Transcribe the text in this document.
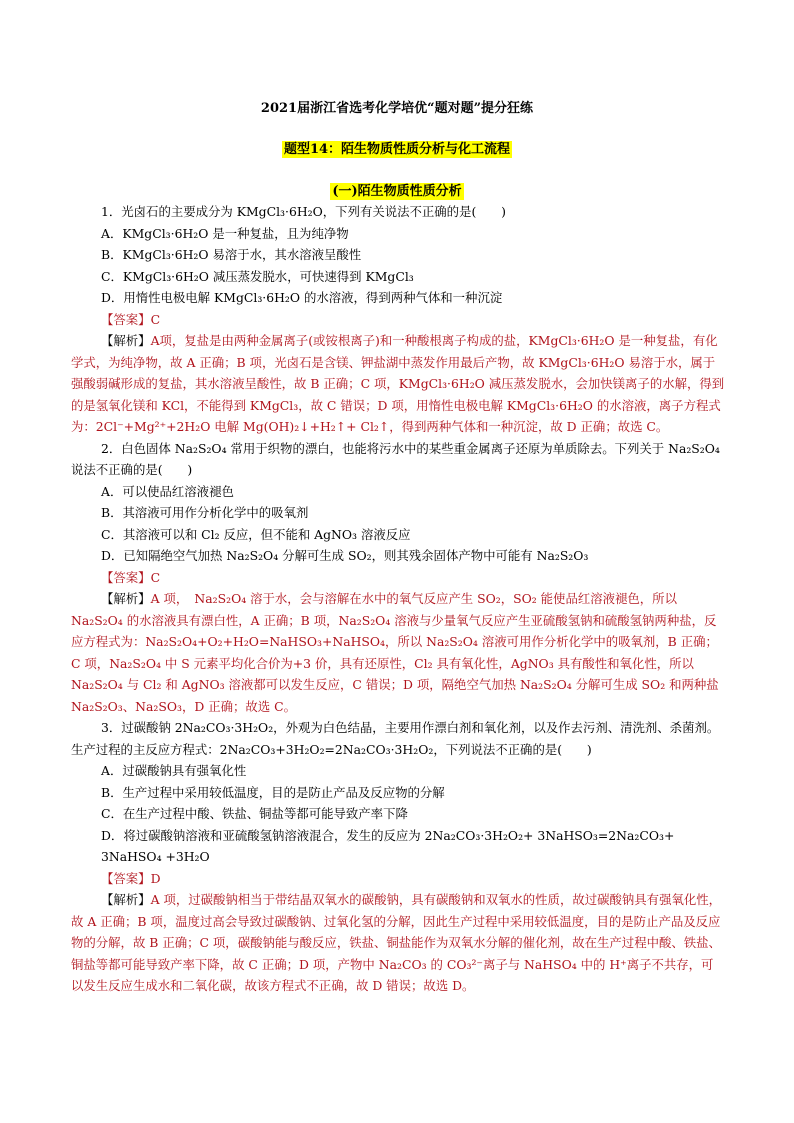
2021届浙江省选考化学培优“题对题”提分狂练
题型14：陌生物质性质分析与化工流程
(一)陌生物质性质分析

1．光卤石的主要成分为 KMgCl₃·6H₂O，下列有关说法不正确的是(　　)

A．KMgCl₃·6H₂O 是一种复盐，且为纯净物

B．KMgCl₃·6H₂O 易溶于水，其水溶液呈酸性

C．KMgCl₃·6H₂O 减压蒸发脱水，可快速得到 KMgCl₃

D．用惰性电极电解 KMgCl₃·6H₂O 的水溶液，得到两种气体和一种沉淀

【答案】C

【解析】A项，复盐是由两种金属离子(或铵根离子)和一种酸根离子构成的盐，KMgCl₃·6H₂O 是一种复盐，有化学式，为纯净物，故 A 正确；B 项，光卤石是含镁、钾盐湖中蒸发作用最后产物，故 KMgCl₃·6H₂O 易溶于水，属于强酸弱碱形成的复盐，其水溶液呈酸性，故 B 正确；C 项，KMgCl₃·6H₂O 减压蒸发脱水，会加快镁离子的水解，得到的是氢氧化镁和 KCl，不能得到 KMgCl₃，故 C 错误；D 项，用惰性电极电解 KMgCl₃·6H₂O 的水溶液，离子方程式为：2Cl⁻+Mg²⁺+2H₂O 电解 Mg(OH)₂↓+H₂↑+ Cl₂↑，得到两种气体和一种沉淀，故 D 正确；故选 C。

2．白色固体 Na₂S₂O₄ 常用于织物的漂白，也能将污水中的某些重金属离子还原为单质除去。下列关于 Na₂S₂O₄ 说法不正确的是(　　)

A．可以使品红溶液褪色

B．其溶液可用作分析化学中的吸氧剂

C．其溶液可以和 Cl₂ 反应，但不能和 AgNO₃ 溶液反应

D．已知隔绝空气加热 Na₂S₂O₄ 分解可生成 SO₂，则其残余固体产物中可能有 Na₂S₂O₃

【答案】C

【解析】A 项，　Na₂S₂O₄ 溶于水，会与溶解在水中的氧气反应产生 SO₂，SO₂ 能使品红溶液褪色，所以 Na₂S₂O₄ 的水溶液具有漂白性，A 正确；B 项，Na₂S₂O₄ 溶液与少量氧气反应产生亚硫酸氢钠和硫酸氢钠两种盐，反应方程式为：Na₂S₂O₄+O₂+H₂O=NaHSO₃+NaHSO₄，所以 Na₂S₂O₄ 溶液可用作分析化学中的吸氧剂，B 正确；C 项，Na₂S₂O₄ 中 S 元素平均化合价为+3 价，具有还原性，Cl₂ 具有氧化性，AgNO₃ 具有酸性和氧化性，所以 Na₂S₂O₄ 与 Cl₂ 和 AgNO₃ 溶液都可以发生反应，C 错误；D 项，隔绝空气加热 Na₂S₂O₄ 分解可生成 SO₂ 和两种盐 Na₂S₂O₃、Na₂SO₃，D 正确；故选 C。

3．过碳酸钠 2Na₂CO₃·3H₂O₂，外观为白色结晶，主要用作漂白剂和氧化剂，以及作去污剂、清洗剂、杀菌剂。生产过程的主反应方程式：2Na₂CO₃+3H₂O₂=2Na₂CO₃·3H₂O₂，下列说法不正确的是(　　)

A．过碳酸钠具有强氧化性

B．生产过程中采用较低温度，目的是防止产品及反应物的分解

C．在生产过程中酸、铁盐、铜盐等都可能导致产率下降

D．将过碳酸钠溶液和亚硫酸氢钠溶液混合，发生的反应为 2Na₂CO₃·3H₂O₂+ 3NaHSO₃=2Na₂CO₃+ 3NaHSO₄ +3H₂O

【答案】D

【解析】A 项，过碳酸钠相当于带结晶双氧水的碳酸钠，具有碳酸钠和双氧水的性质，故过碳酸钠具有强氧化性，故 A 正确；B 项，温度过高会导致过碳酸钠、过氧化氢的分解，因此生产过程中采用较低温度，目的是防止产品及反应物的分解，故 B 正确；C 项，碳酸钠能与酸反应，铁盐、铜盐能作为双氧水分解的催化剂，故在生产过程中酸、铁盐、铜盐等都可能导致产率下降，故 C 正确；D 项，产物中 Na₂CO₃ 的 CO₃²⁻离子与 NaHSO₄ 中的 H⁺离子不共存，可以发生反应生成水和二氧化碳，故该方程式不正确，故 D 错误；故选 D。
